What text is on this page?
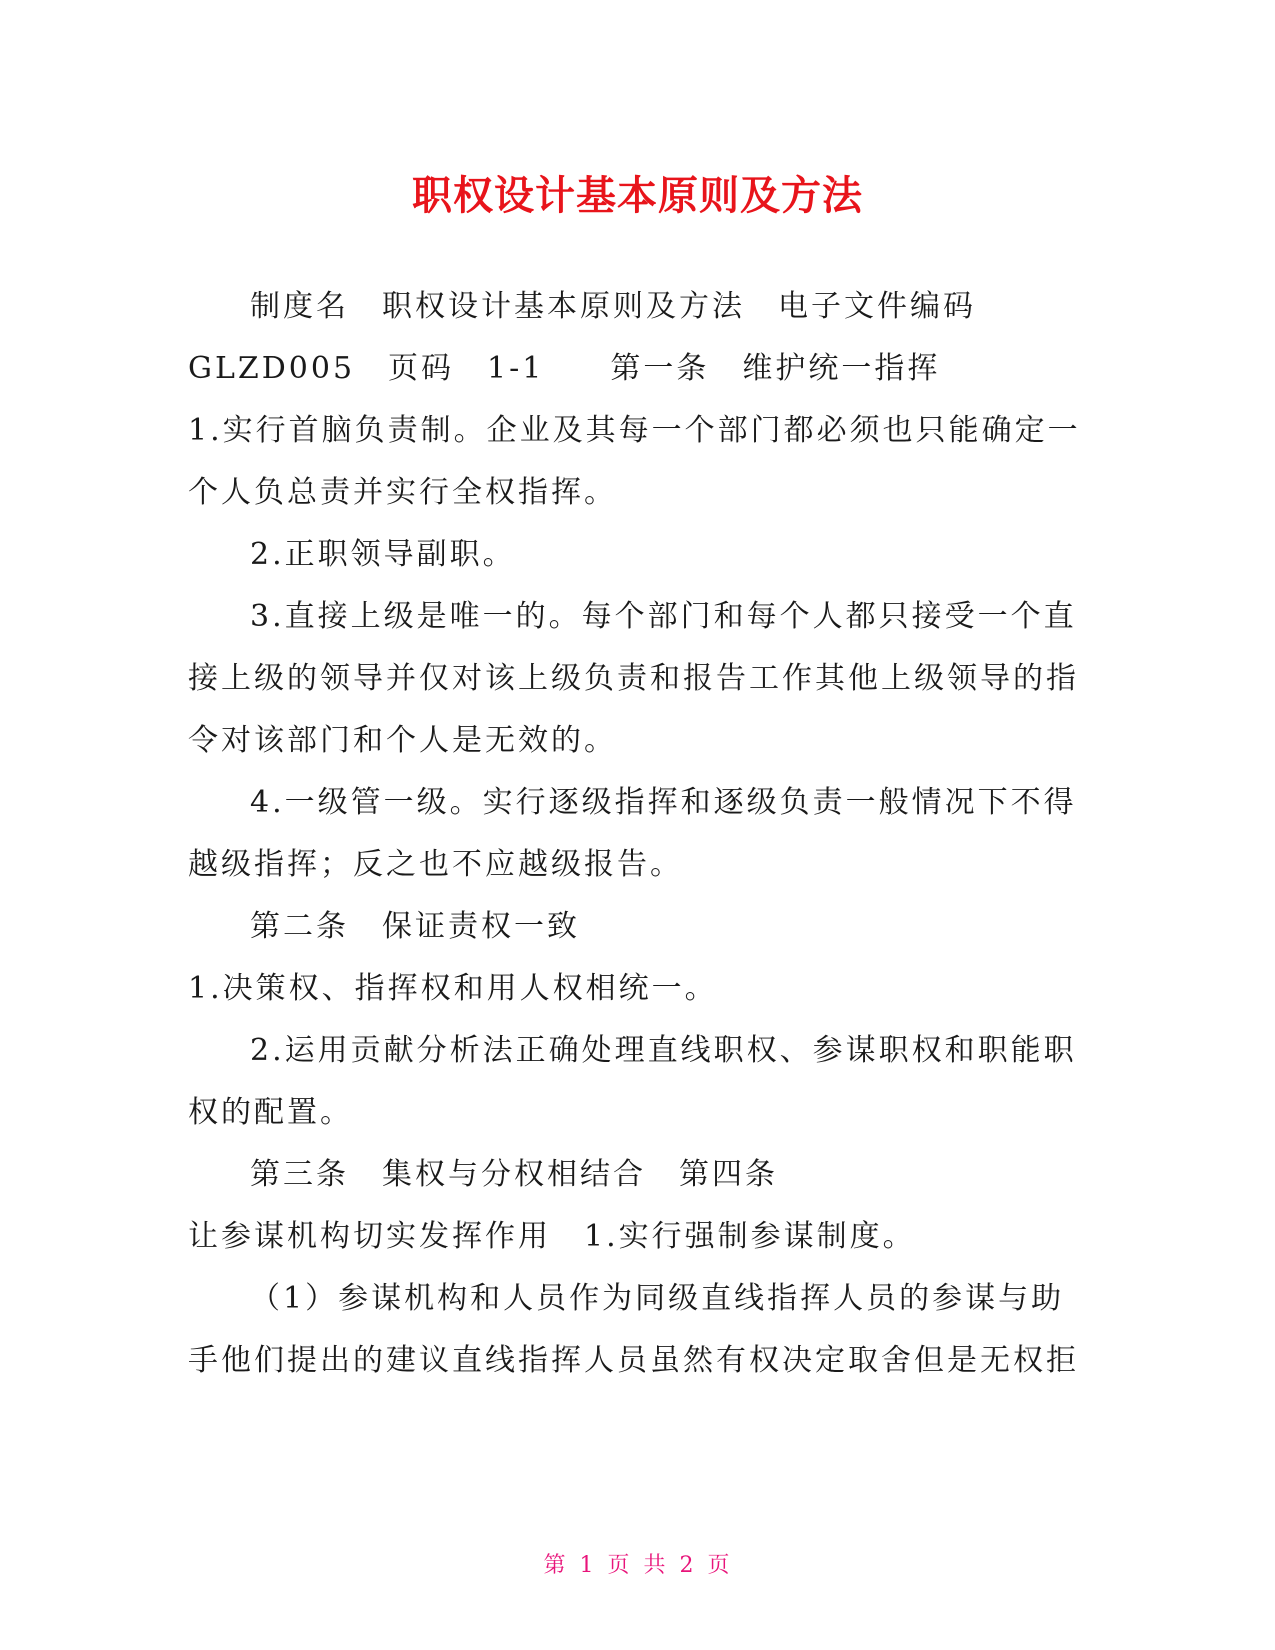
职权设计基本原则及方法
制度名　职权设计基本原则及方法　电子文件编码
GLZD005　页码　1-1　　第一条　维护统一指挥
1.实行首脑负责制。企业及其每一个部门都必须也只能确定一
个人负总责并实行全权指挥。
2.正职领导副职。
3.直接上级是唯一的。每个部门和每个人都只接受一个直
接上级的领导并仅对该上级负责和报告工作其他上级领导的指
令对该部门和个人是无效的。
4.一级管一级。实行逐级指挥和逐级负责一般情况下不得
越级指挥；反之也不应越级报告。
第二条　保证责权一致
1.决策权、指挥权和用人权相统一。
2.运用贡献分析法正确处理直线职权、参谋职权和职能职
权的配置。
第三条　集权与分权相结合　第四条
让参谋机构切实发挥作用　1.实行强制参谋制度。
（1）参谋机构和人员作为同级直线指挥人员的参谋与助
手他们提出的建议直线指挥人员虽然有权决定取舍但是无权拒
第 1 页 共 2 页
